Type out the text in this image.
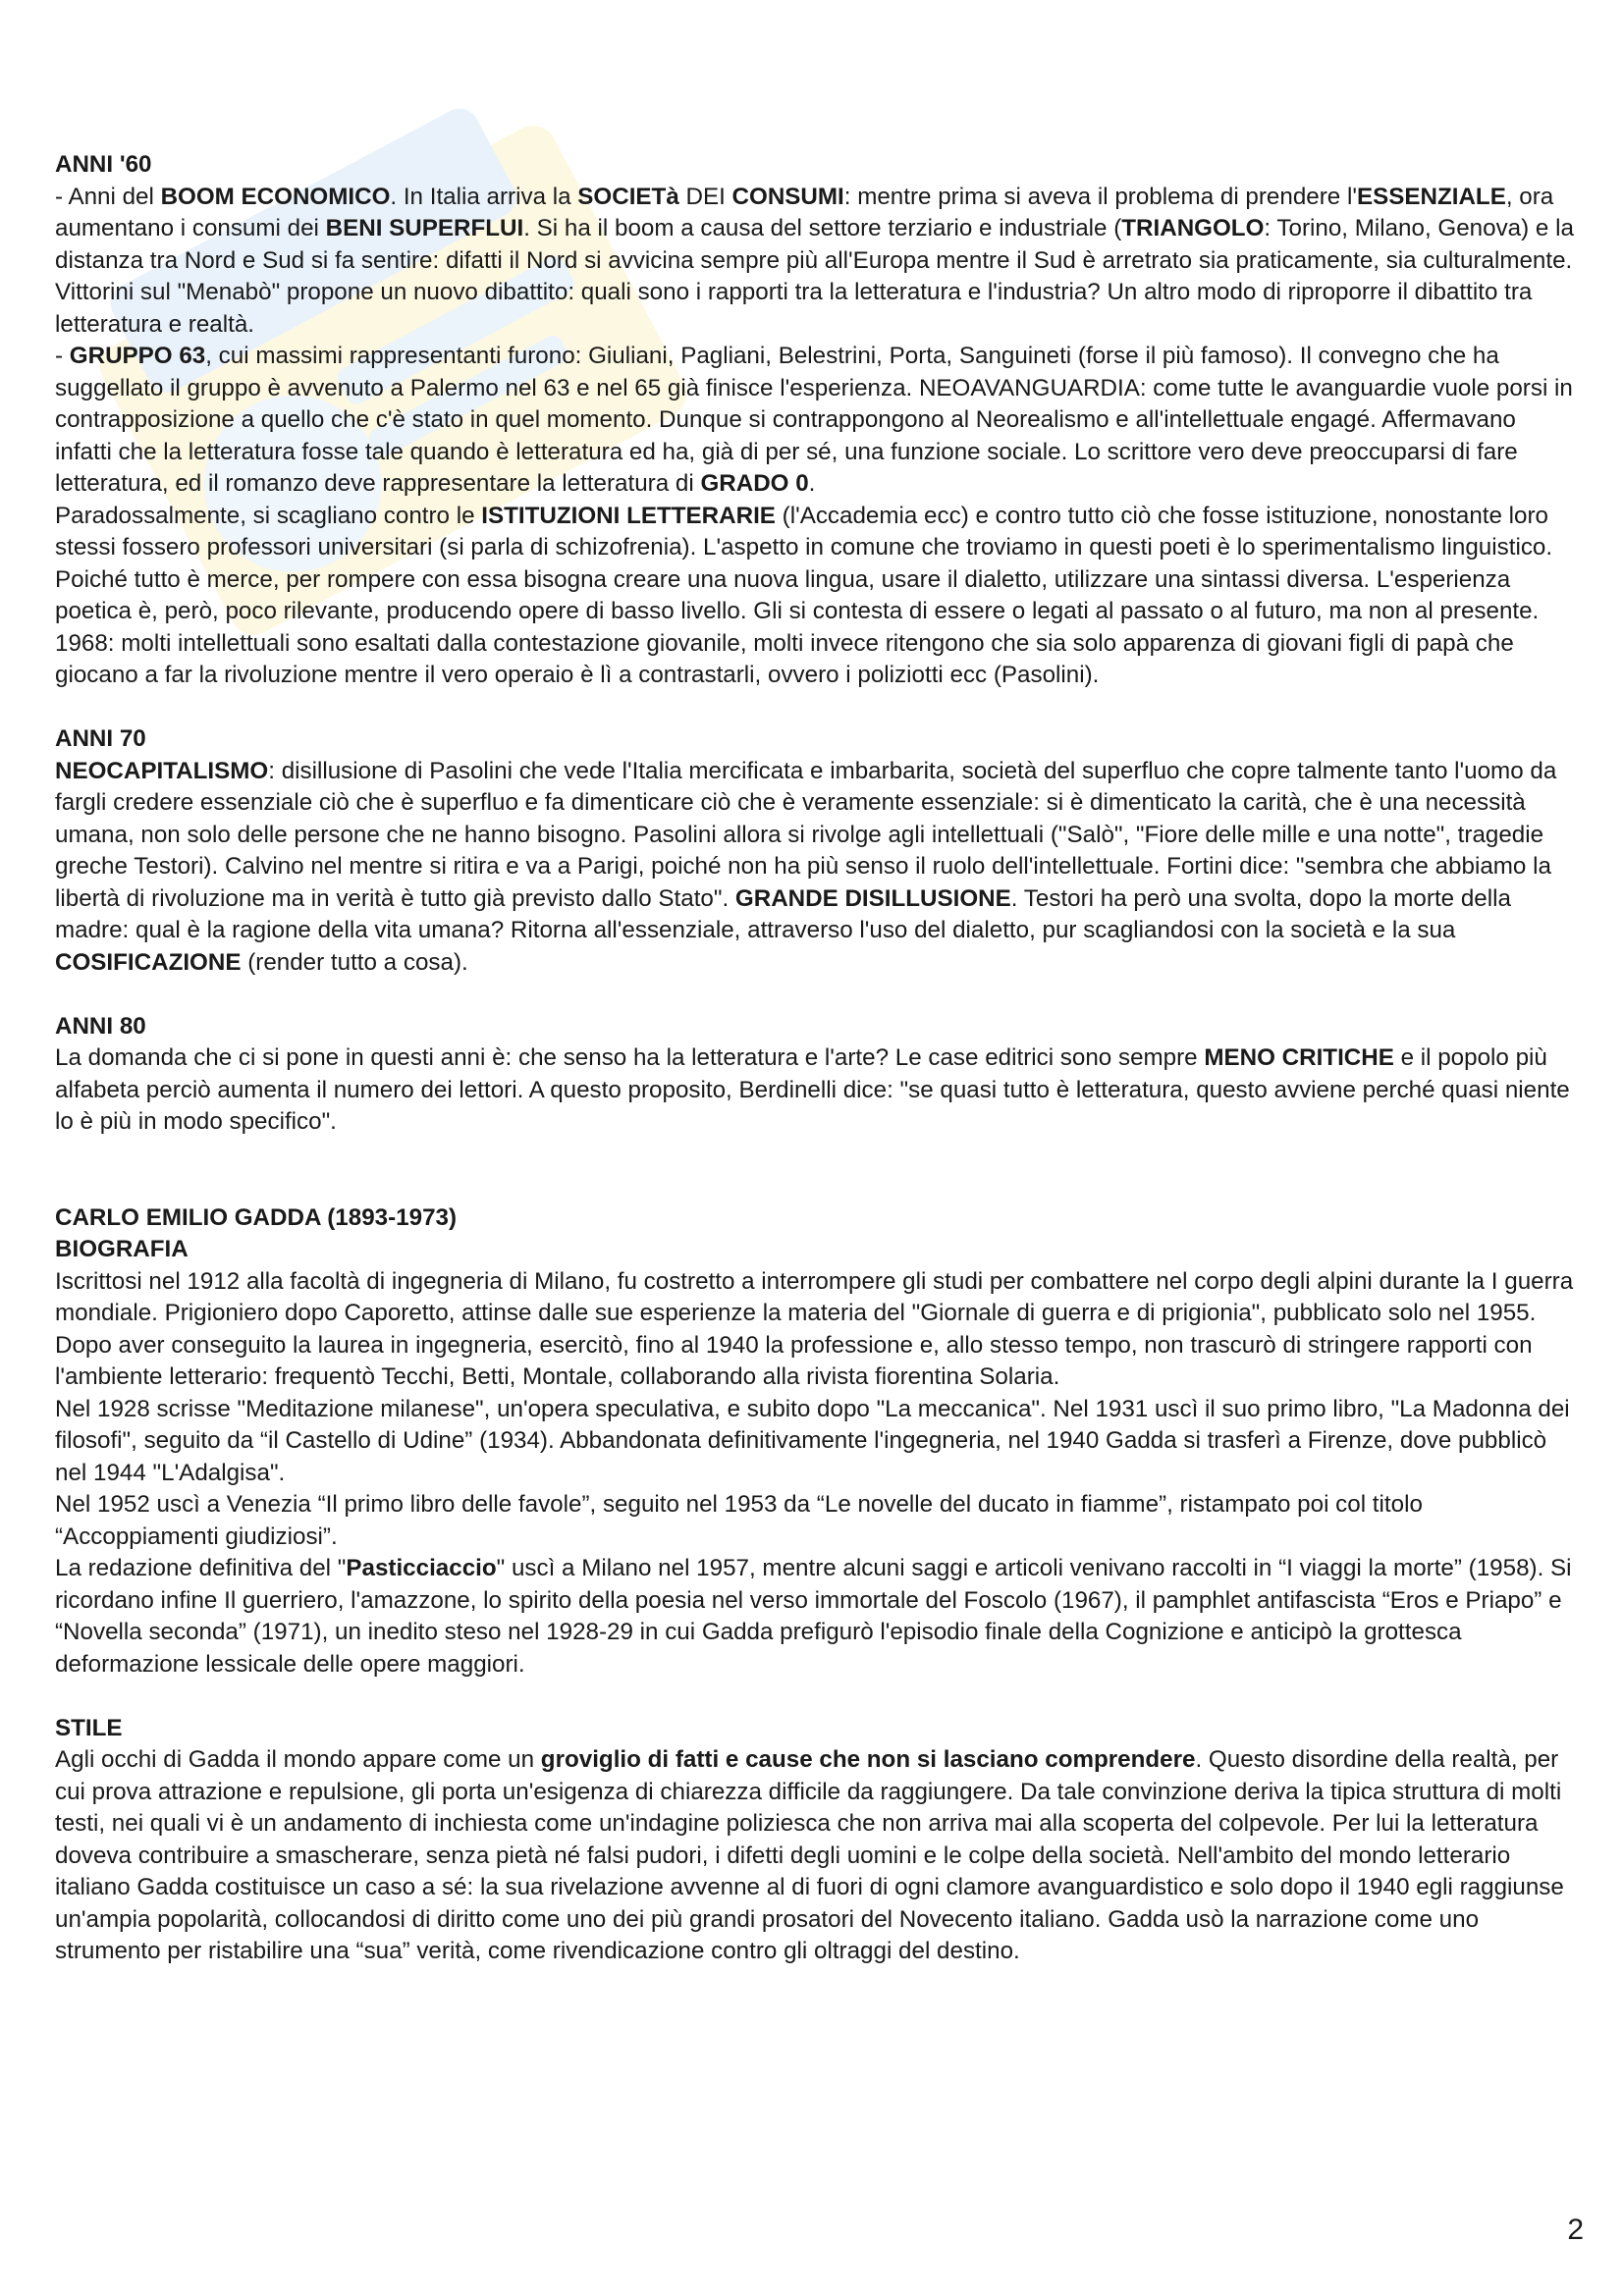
ANNI '60
- Anni del BOOM ECONOMICO. In Italia arriva la SOCIETà DEI CONSUMI: mentre prima si aveva il problema di prendere l'ESSENZIALE, ora aumentano i consumi dei BENI SUPERFLUI. Si ha il boom a causa del settore terziario e industriale (TRIANGOLO: Torino, Milano, Genova) e la distanza tra Nord e Sud si fa sentire: difatti il Nord si avvicina sempre più all'Europa mentre il Sud è arretrato sia praticamente, sia culturalmente.
Vittorini sul "Menabò" propone un nuovo dibattito: quali sono i rapporti tra la letteratura e l'industria? Un altro modo di riproporre il dibattito tra letteratura e realtà.
- GRUPPO 63, cui massimi rappresentanti furono: Giuliani, Pagliani, Belestrini, Porta, Sanguineti (forse il più famoso). Il convegno che ha suggellato il gruppo è avvenuto a Palermo nel 63 e nel 65 già finisce l'esperienza. NEOAVANGUARDIA: come tutte le avanguardie vuole porsi in contrapposizione a quello che c'è stato in quel momento. Dunque si contrappongono al Neorealismo e all'intellettuale engagé. Affermavano infatti che la letteratura fosse tale quando è letteratura ed ha, già di per sé, una funzione sociale. Lo scrittore vero deve preoccuparsi di fare letteratura, ed il romanzo deve rappresentare la letteratura di GRADO 0.
Paradossalmente, si scagliano contro le ISTITUZIONI LETTERARIE (l'Accademia ecc) e contro tutto ciò che fosse istituzione, nonostante loro stessi fossero professori universitari (si parla di schizofrenia). L'aspetto in comune che troviamo in questi poeti è lo sperimentalismo linguistico. Poiché tutto è merce, per rompere con essa bisogna creare una nuova lingua, usare il dialetto, utilizzare una sintassi diversa. L'esperienza poetica è, però, poco rilevante, producendo opere di basso livello. Gli si contesta di essere o legati al passato o al futuro, ma non al presente.
1968: molti intellettuali sono esaltati dalla contestazione giovanile, molti invece ritengono che sia solo apparenza di giovani figli di papà che giocano a far la rivoluzione mentre il vero operaio è lì a contrastarli, ovvero i poliziotti ecc (Pasolini).
ANNI 70
NEOCAPITALISMO: disillusione di Pasolini che vede l'Italia mercificata e imbarbarita, società del superfluo che copre talmente tanto l'uomo da fargli credere essenziale ciò che è superfluo e fa dimenticare ciò che è veramente essenziale: si è dimenticato la carità, che è una necessità umana, non solo delle persone che ne hanno bisogno. Pasolini allora si rivolge agli intellettuali ("Salò", "Fiore delle mille e una notte", tragedie greche Testori). Calvino nel mentre si ritira e va a Parigi, poiché non ha più senso il ruolo dell'intellettuale. Fortini dice: "sembra che abbiamo la libertà di rivoluzione ma in verità è tutto già previsto dallo Stato". GRANDE DISILLUSIONE. Testori ha però una svolta, dopo la morte della madre: qual è la ragione della vita umana? Ritorna all'essenziale, attraverso l'uso del dialetto, pur scagliandosi con la società e la sua COSIFICAZIONE (render tutto a cosa).
ANNI 80
La domanda che ci si pone in questi anni è: che senso ha la letteratura e l'arte? Le case editrici sono sempre MENO CRITICHE e il popolo più alfabeta perciò aumenta il numero dei lettori. A questo proposito, Berdinelli dice: "se quasi tutto è letteratura, questo avviene perché quasi niente lo è più in modo specifico".
CARLO EMILIO GADDA (1893-1973)
BIOGRAFIA
Iscrittosi nel 1912 alla facoltà di ingegneria di Milano, fu costretto a interrompere gli studi per combattere nel corpo degli alpini durante la I guerra mondiale. Prigioniero dopo Caporetto, attinse dalle sue esperienze la materia del "Giornale di guerra e di prigionia", pubblicato solo nel 1955.
Dopo aver conseguito la laurea in ingegneria, esercitò, fino al 1940 la professione e, allo stesso tempo, non trascurò di stringere rapporti con l'ambiente letterario: frequentò Tecchi, Betti, Montale, collaborando alla rivista fiorentina Solaria.
Nel 1928 scrisse "Meditazione milanese", un'opera speculativa, e subito dopo "La meccanica". Nel 1931 uscì il suo primo libro, "La Madonna dei filosofi", seguito da “il Castello di Udine” (1934). Abbandonata definitivamente l'ingegneria, nel 1940 Gadda si trasferì a Firenze, dove pubblicò nel 1944 "L'Adalgisa".
Nel 1952 uscì a Venezia “Il primo libro delle favole”, seguito nel 1953 da “Le novelle del ducato in fiamme”, ristampato poi col titolo “Accoppiamenti giudiziosi”.
La redazione definitiva del "Pasticciaccio" uscì a Milano nel 1957, mentre alcuni saggi e articoli venivano raccolti in “I viaggi la morte” (1958). Si ricordano infine Il guerriero, l'amazzone, lo spirito della poesia nel verso immortale del Foscolo (1967), il pamphlet antifascista “Eros e Priapo” e “Novella seconda” (1971), un inedito steso nel 1928-29 in cui Gadda prefigurò l'episodio finale della Cognizione e anticipò la grottesca deformazione lessicale delle opere maggiori.
STILE
Agli occhi di Gadda il mondo appare come un groviglio di fatti e cause che non si lasciano comprendere. Questo disordine della realtà, per cui prova attrazione e repulsione, gli porta un'esigenza di chiarezza difficile da raggiungere. Da tale convinzione deriva la tipica struttura di molti testi, nei quali vi è un andamento di inchiesta come un'indagine poliziesca che non arriva mai alla scoperta del colpevole. Per lui la letteratura doveva contribuire a smascherare, senza pietà né falsi pudori, i difetti degli uomini e le colpe della società. Nell'ambito del mondo letterario italiano Gadda costituisce un caso a sé: la sua rivelazione avvenne al di fuori di ogni clamore avanguardistico e solo dopo il 1940 egli raggiunse un'ampia popolarità, collocandosi di diritto come uno dei più grandi prosatori del Novecento italiano. Gadda usò la narrazione come uno strumento per ristabilire una “sua” verità, come rivendicazione contro gli oltraggi del destino.
2
